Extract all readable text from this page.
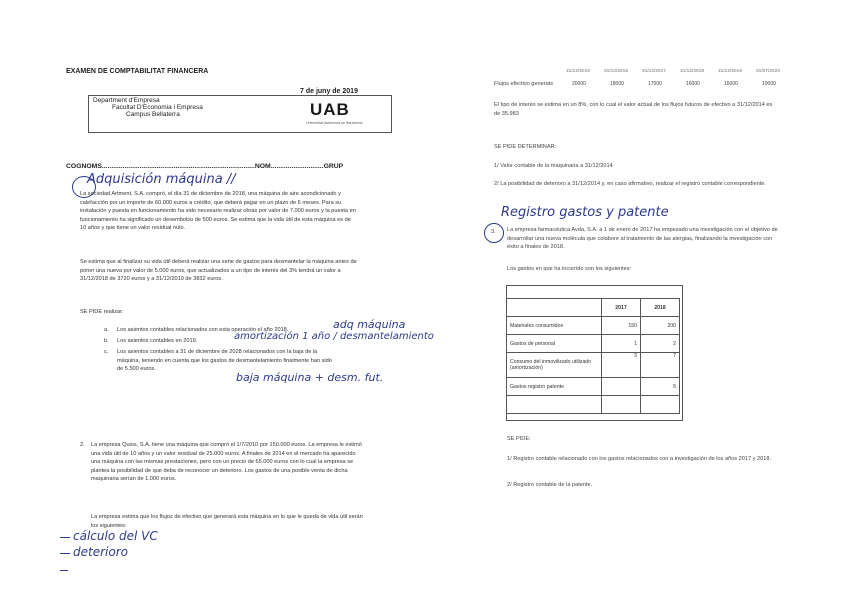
EXAMEN DE COMPTABILITAT FINANCERA
7 de juny de 2019
Department d'Empresa
Facultat D'Economia i Empresa
Campus Bellaterra	UAB
Universitat Autònoma de Barcelona
COGNOMS.................................................................................NOM............................GRUP
Adquisición máquina //
La sociedad Artment, S.A. compró, el día 31 de diciembre de 2018, una máquina de aire acondicionado y calefacción por un importe de 60.000 euros a crédito, que deberá pagar en un plazo de 6 meses. Para su instalación y puesta en funcionamiento ha sido necesario realizar obras por valor de 7.000 euros y la puesta en funcionamiento ha significado un desembolso de 500 euros. Se estima que la vida útil de esta máquina es de 10 años y que tiene un valor residual nulo.
Se estima que al finalizar su vida útil deberá realizar una serie de gastos para desmantelar la máquina antes de poner una nueva por valor de 5.000 euros, que actualizados a un tipo de interés del 3% tendrá un valor a 31/12/2018 de 3720 euros y a 31/12/2019 de 3832 euros.
SE PIDE realizar:
a. Los asientos contables relacionados con esta operación el año 2018.	adq máquina
b. Los asientos contables en 2019.	amortización 1 año / desmantelamiento
c. Los asientos contables a 31 de diciembre de 2028 relacionados con la baja de la máquina, teniendo en cuenta que los gastos de desmantelamiento finalmente han sido de 5.500 euros.
baja máquina + desm. fut.
2. La empresa Quios, S.A. tiene una máquina que compró el 1/7/2010 por 150.000 euros. La empresa le estimó una vida útil de 10 años y un valor residual de 25.000 euros. A finales de 2014 en el mercado ha aparecido una máquina con las mismas prestaciones, pero con un precio de 65.000 euros con lo cual la empresa se plantea la posibilidad de que deba de reconocer un deterioro. Los gastos de una posible venta de dicha maquinaria serían de 1.000 euros.
La empresa estima que los flujos de efectivo que generará esta máquina en lo que le queda de vida útil serán los siguientes:
cálculo del VC
deterioro
31/12/2015	31/12/2016	31/12/2017	31/12/2018	31/12/2019	31/07/2020
Flujos efectivo generats	20000	18000	17000	16000	15000	10000
El tipo de interés se estima en un 8%, con lo cual el valor actual de los flujos futuros de efectivo a 31/12/2014 es de 35.983
SE PIDE DETERMINAR:
1/ Valor contable de la maquinaria a 31/12/2014
2/ La posibilidad de deterioro a 31/12/2014 y, en caso afirmativo, realizar el registro contable correspondiente.
Registro gastos y patente
3. La empresa farmacéutica Avda, S.A. a 1 de enero de 2017 ha empezado una investigación con el objetivo de desarrollar una nueva molécula que colabore al tratamiento de las alergias, finalizando la investigación con éxito a finales de 2018.
Los gastos en que ha incurrido son los siguientes:
	2017	2018
Materiales consumidos	150	200
Gastos de personal	1	2
Consumo del inmovilizado utilizado (amortización)	3	7
Gastos registro patente		5

SE PIDE:
1/ Registro contable relacionado con los gastos relacionados con a investigación de los años 2017 y 2018.
2/ Registro contable de la patente.
